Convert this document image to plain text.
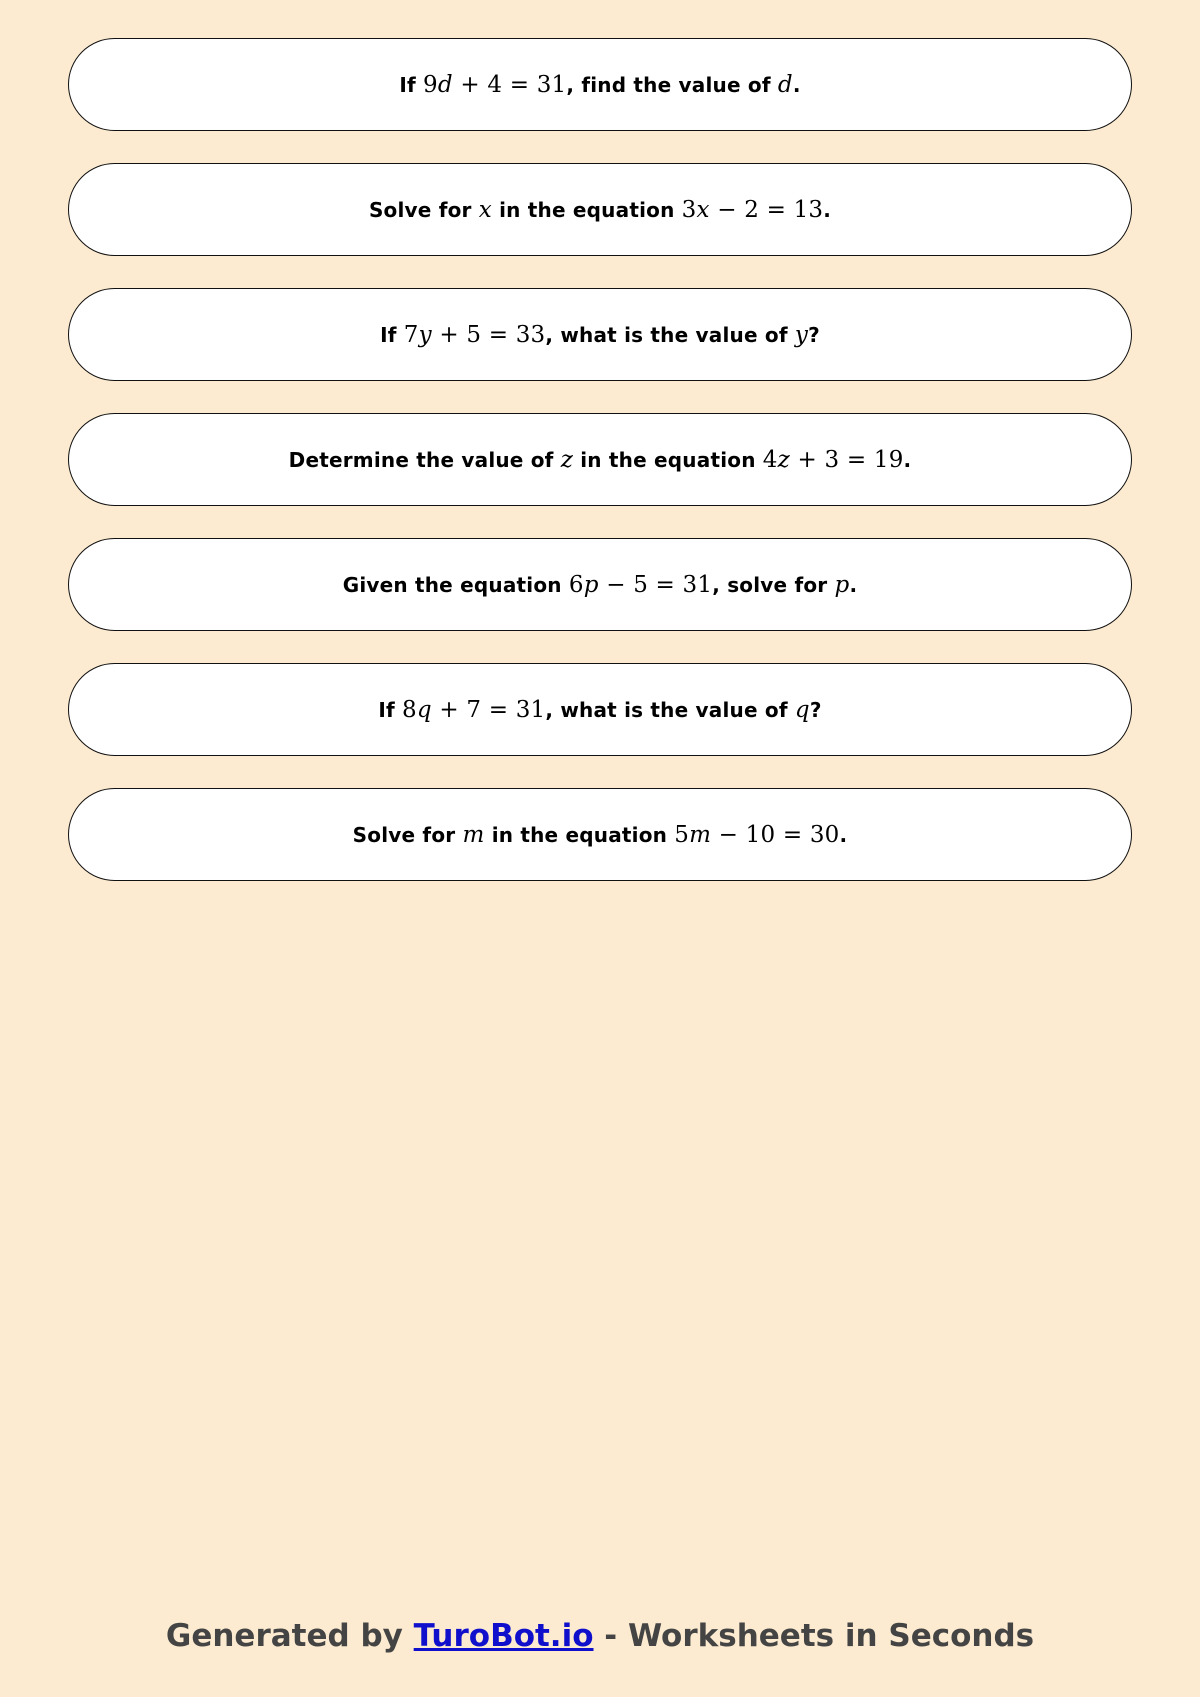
If 9d + 4 = 31 , find the value of d .
Solve for x in the equation 3x − 2 = 13 .
If 7y + 5 = 33 , what is the value of y ?
Determine the value of z in the equation 4z + 3 = 19 .
Given the equation 6p − 5 = 31 , solve for p .
If 8q + 7 = 31 , what is the value of q ?
Solve for m in the equation 5m − 10 = 30 .
Generated by TuroBot.io - Worksheets in Seconds
